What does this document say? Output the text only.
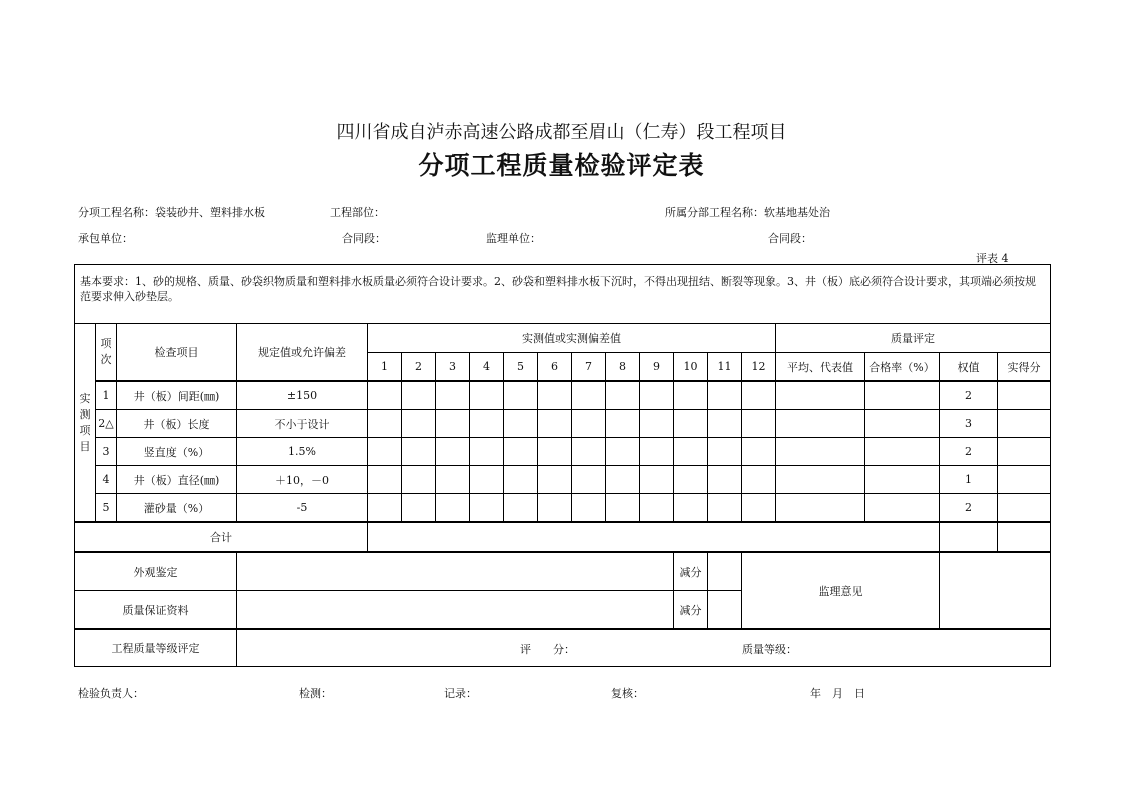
四川省成自泸赤高速公路成都至眉山（仁寿）段工程项目
分项工程质量检验评定表
分项工程名称：袋装砂井、塑料排水板	工程部位：	所属分部工程名称：软基地基处治
承包单位：	合同段：	监理单位：	合同段：
评表 4
基本要求：1、砂的规格、质量、砂袋织物质量和塑料排水板质量必须符合设计要求。2、砂袋和塑料排水板下沉时，不得出现扭结、断裂等现象。3、井（板）底必须符合设计要求，其项端必须按规范要求伸入砂垫层。																			
实测项目	项次	检查项目	规定值或允许偏差	实测值或实测偏差值												质量评定			
				1	2	3	4	5	6	7	8	9	10	11	12	平均、代表值	合格率（%）	权值	实得分
	1	井（板）间距(㎜)	±150															2	
	2△	井（板）长度	不小于设计															3	
	3	竖直度（%）	1.5%															2	
	4	井（板）直径(㎜)	＋10，－0															1	
	5	灌砂量（%）	-5															2	
合计																			
外观鉴定													减分		监理意见				
质量保证资料													减分						
工程质量等级评定			评　　分： 质量等级：																
检验负责人：	检测：	记录：	复核：	年　月　日
